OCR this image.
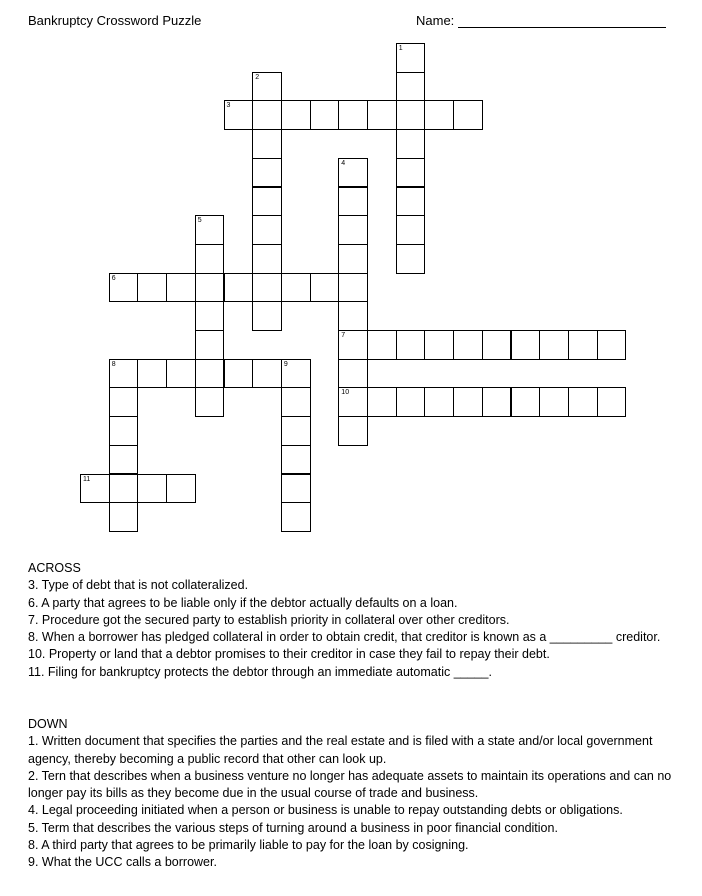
Bankruptcy Crossword Puzzle	Name:
1
2
3
4
7
10
5
6
8	9
11

ACROSS

3. Type of debt that is not collateralized.

6. A party that agrees to be liable only if the debtor actually defaults on a loan.

7. Procedure got the secured party to establish priority in collateral over other creditors.

8. When a borrower has pledged collateral in order to obtain credit, that creditor is known as a _________ creditor.

10. Property or land that a debtor promises to their creditor in case they fail to repay their debt.

11. Filing for bankruptcy protects the debtor through an immediate automatic _____.

DOWN

1. Written document that specifies the parties and the real estate and is filed with a state and/or local government agency, thereby becoming a public record that other can look up.

2. Tern that describes when a business venture no longer has adequate assets to maintain its operations and can no longer pay its bills as they become due in the usual course of trade and business.

4. Legal proceeding initiated when a person or business is unable to repay outstanding debts or obligations.

5. Term that describes the various steps of turning around a business in poor financial condition.

8. A third party that agrees to be primarily liable to pay for the loan by cosigning.

9. What the UCC calls a borrower.
